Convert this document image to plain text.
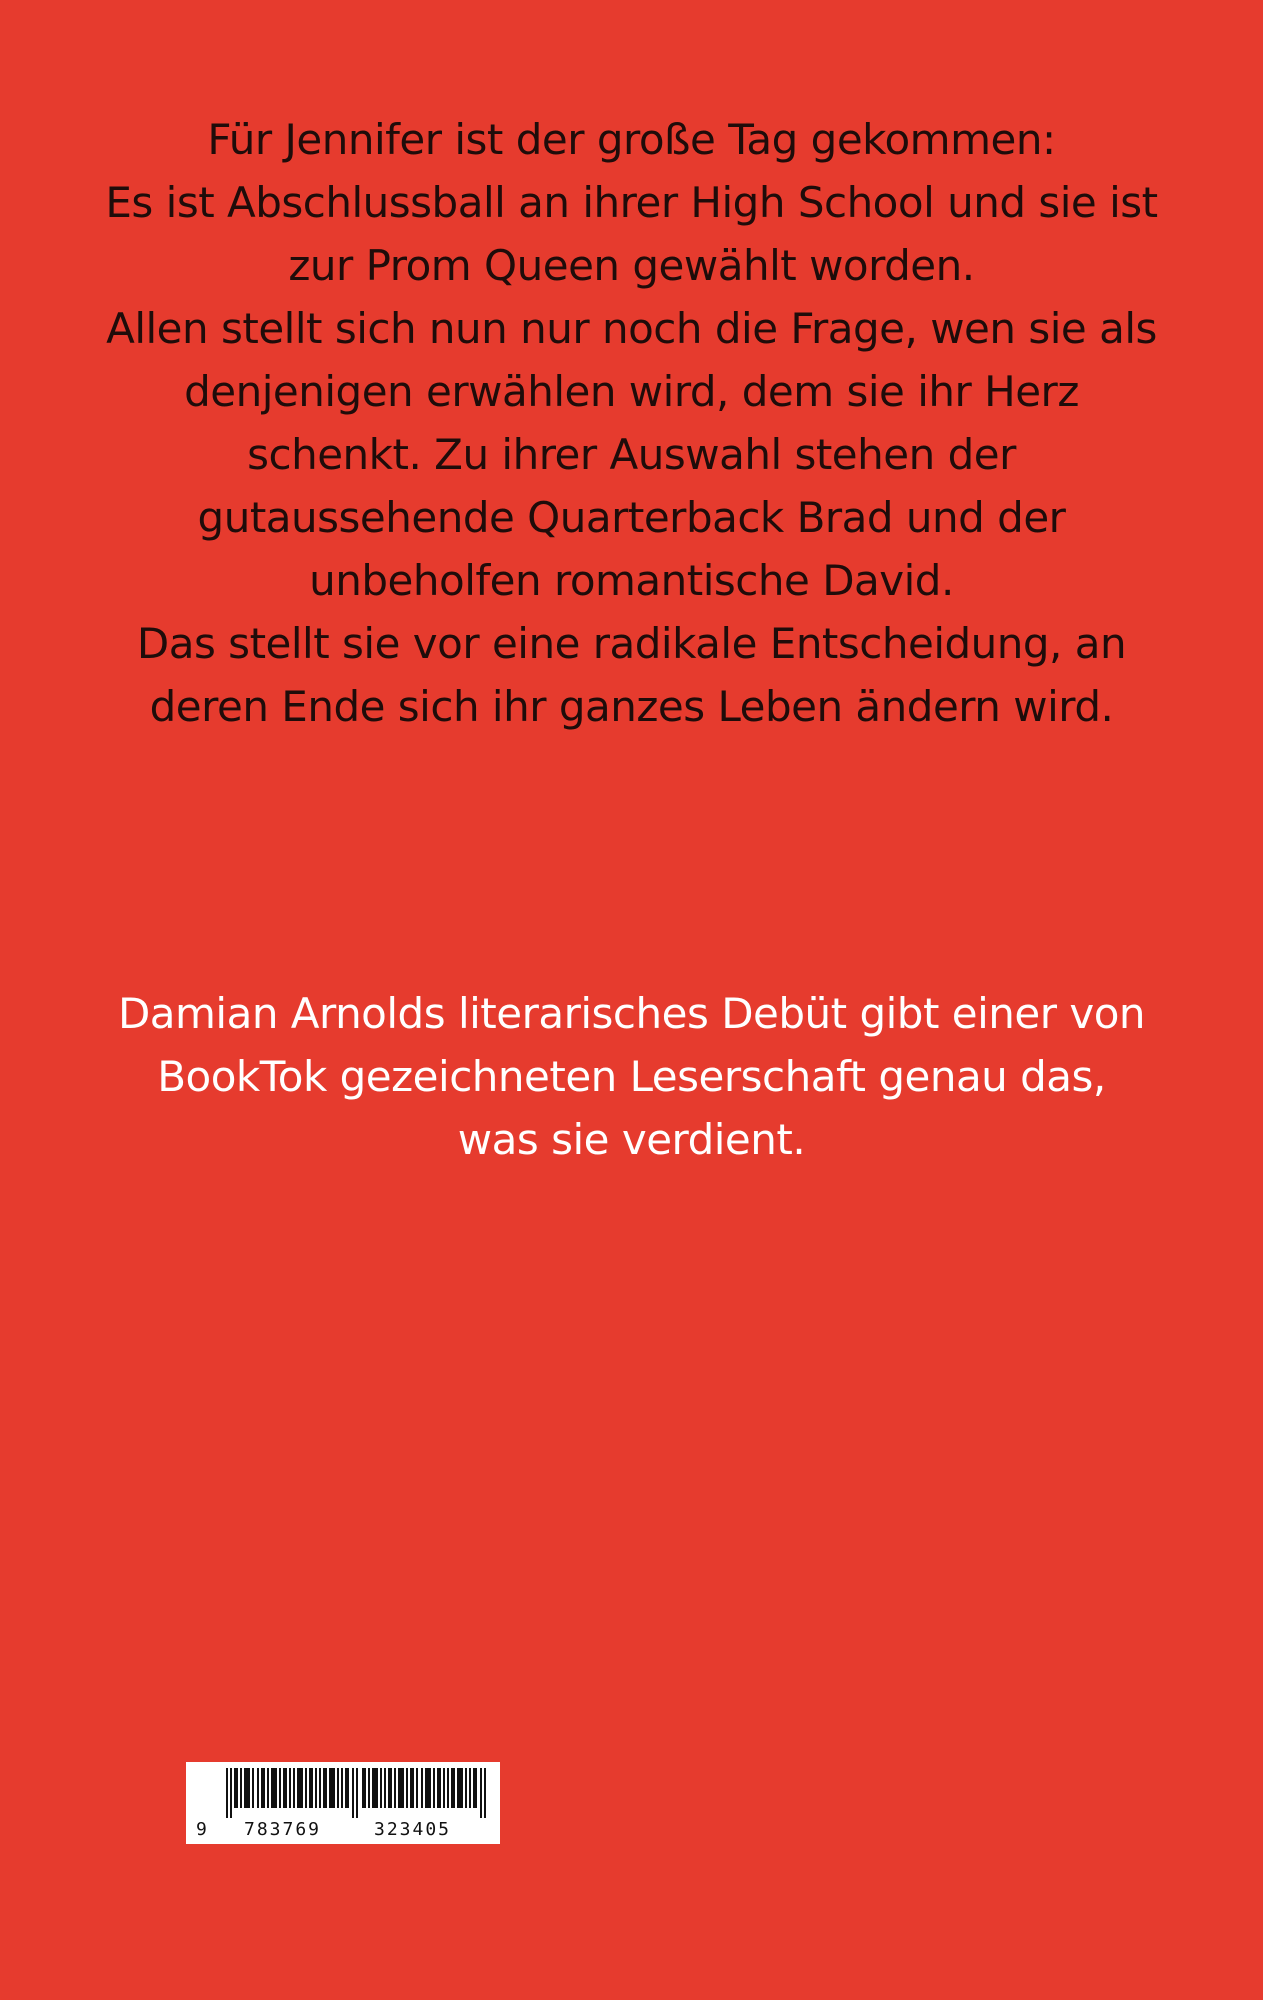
Für Jennifer ist der große Tag gekommen:
Es ist Abschlussball an ihrer High School und sie ist
zur Prom Queen gewählt worden.
Allen stellt sich nun nur noch die Frage, wen sie als
denjenigen erwählen wird, dem sie ihr Herz
schenkt. Zu ihrer Auswahl stehen der
gutaussehende Quarterback Brad und der
unbeholfen romantische David.
Das stellt sie vor eine radikale Entscheidung, an
deren Ende sich ihr ganzes Leben ändern wird.
Damian Arnolds literarisches Debüt gibt einer von
BookTok gezeichneten Leserschaft genau das,
was sie verdient.
9 783769	323405
